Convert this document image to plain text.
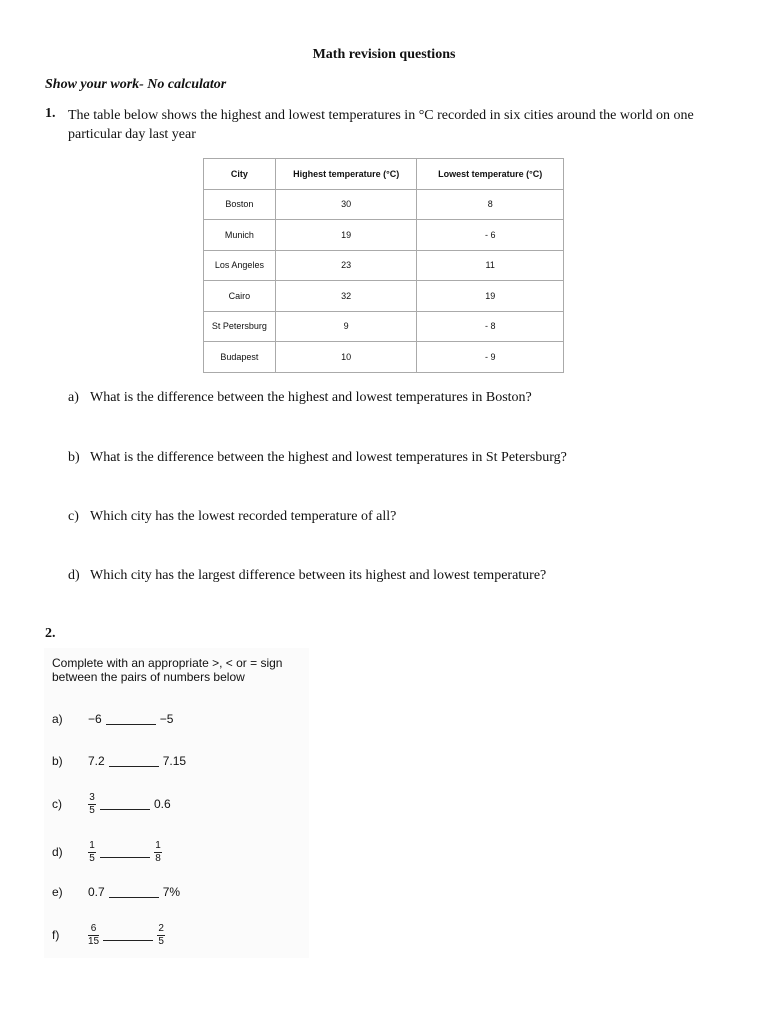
Math revision questions
Show your work- No calculator
1. The table below shows the highest and lowest temperatures in °C recorded in six cities around the world on one particular day last year
City	Highest temperature (°C)	Lowest temperature (°C)
Boston	30	8
Munich	19	- 6
Los Angeles	23	11
Cairo	32	19
St Petersburg	9	- 8
Budapest	10	- 9
a) What is the difference between the highest and lowest temperatures in Boston?
b) What is the difference between the highest and lowest temperatures in St Petersburg?
c) Which city has the lowest recorded temperature of all?
d) Which city has the largest difference between its highest and lowest temperature?
2.
Complete with an appropriate >, < or = sign
between the pairs of numbers below
a)	−6	−5
b)	7.2	7.15
c)	$\frac{3}{5}$	0.6
d)	$\frac{1}{5}$	$\frac{1}{8}$
e)	0.7	7%
f)	$\frac{6}{15}$	$\frac{2}{5}$
